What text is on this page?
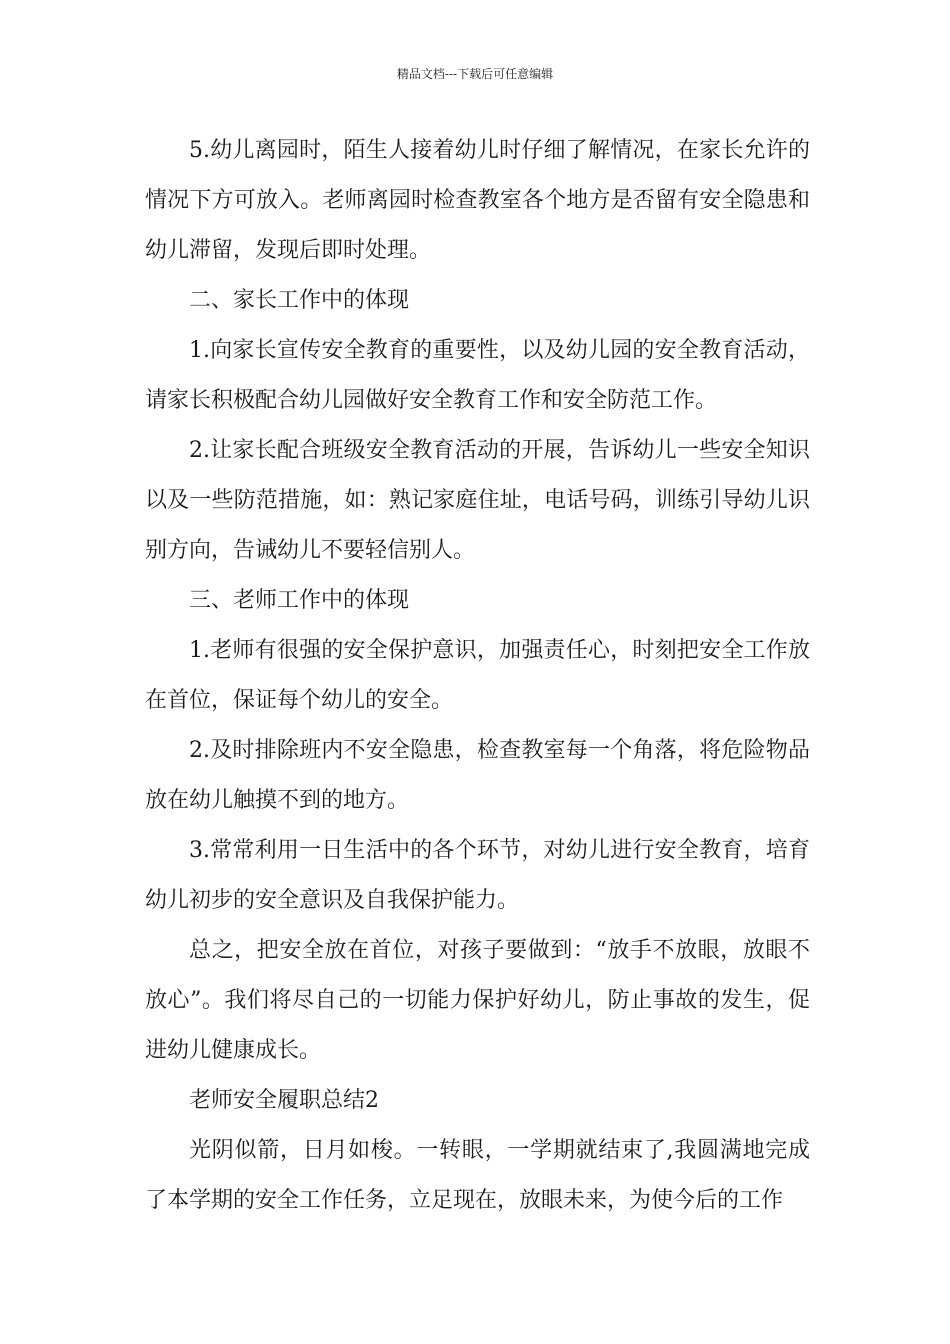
精品文档---下载后可任意编辑

5.幼儿离园时，陌生人接着幼儿时仔细了解情况，在家长允许的情况下方可放入。老师离园时检查教室各个地方是否留有安全隐患和幼儿滞留，发现后即时处理。

二、家长工作中的体现

1.向家长宣传安全教育的重要性，以及幼儿园的安全教育活动，请家长积极配合幼儿园做好安全教育工作和安全防范工作。

2.让家长配合班级安全教育活动的开展，告诉幼儿一些安全知识以及一些防范措施，如：熟记家庭住址，电话号码，训练引导幼儿识别方向，告诫幼儿不要轻信别人。

三、老师工作中的体现

1.老师有很强的安全保护意识，加强责任心，时刻把安全工作放在首位，保证每个幼儿的安全。

2.及时排除班内不安全隐患，检查教室每一个角落，将危险物品放在幼儿触摸不到的地方。

3.常常利用一日生活中的各个环节，对幼儿进行安全教育，培育幼儿初步的安全意识及自我保护能力。

总之，把安全放在首位，对孩子要做到：“放手不放眼，放眼不放心”。我们将尽自己的一切能力保护好幼儿，防止事故的发生，促进幼儿健康成长。

老师安全履职总结2

光阴似箭，日月如梭。一转眼，一学期就结束了,我圆满地完成了本学期的安全工作任务，立足现在，放眼未来，为使今后的工作
